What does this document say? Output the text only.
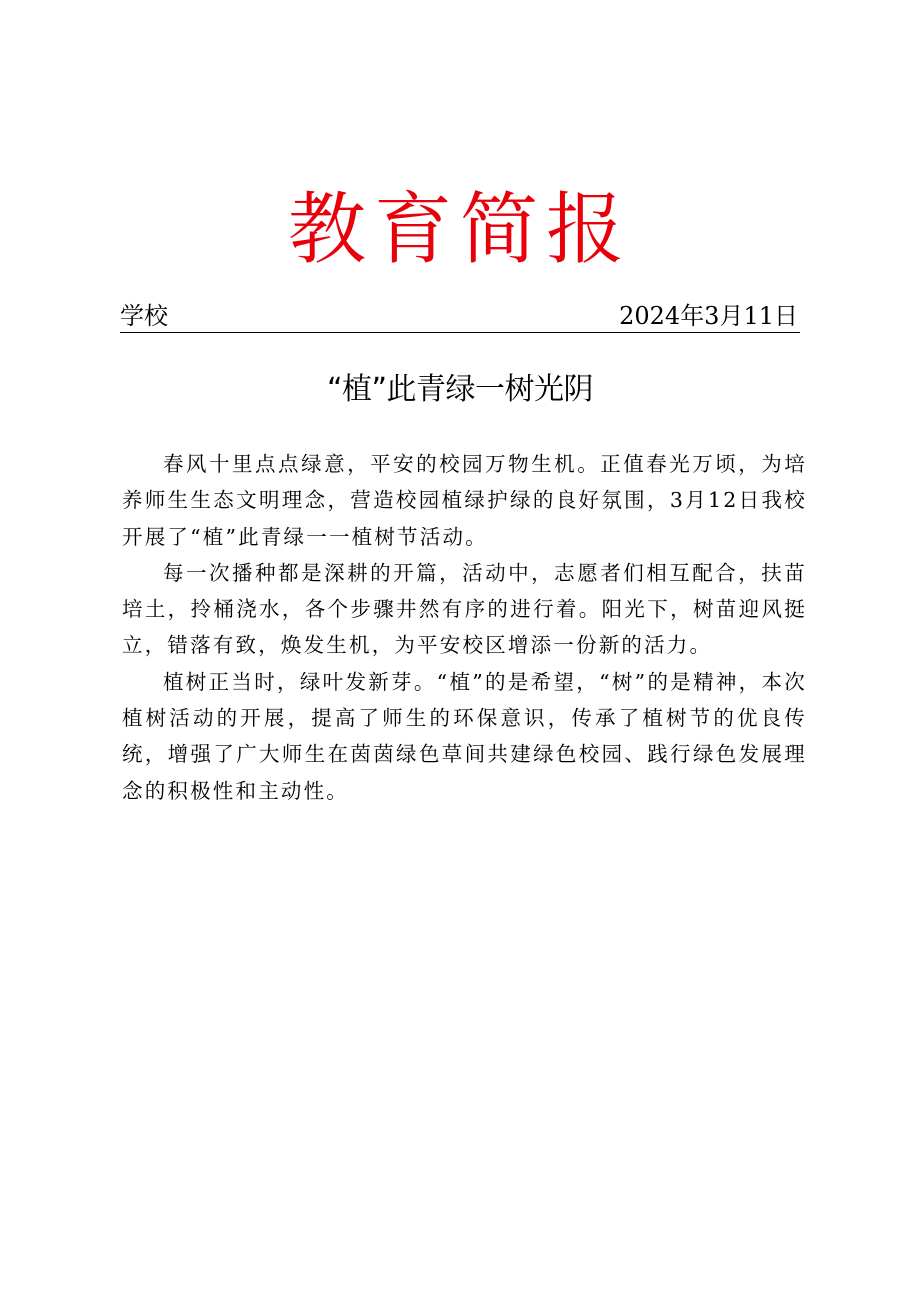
教育简报
学校	2024年3月11日
“植”此青绿一树光阴

春风十里点点绿意，平安的校园万物生机。正值春光万顷，为培养师生生态文明理念，营造校园植绿护绿的良好氛围，3月12日我校开展了“植”此青绿一一植树节活动。

每一次播种都是深耕的开篇，活动中，志愿者们相互配合，扶苗培土，拎桶浇水，各个步骤井然有序的进行着。阳光下，树苗迎风挺立，错落有致，焕发生机，为平安校区增添一份新的活力。

植树正当时，绿叶发新芽。“植”的是希望，“树”的是精神，本次植树活动的开展，提高了师生的环保意识，传承了植树节的优良传统，增强了广大师生在茵茵绿色草间共建绿色校园、践行绿色发展理念的积极性和主动性。
